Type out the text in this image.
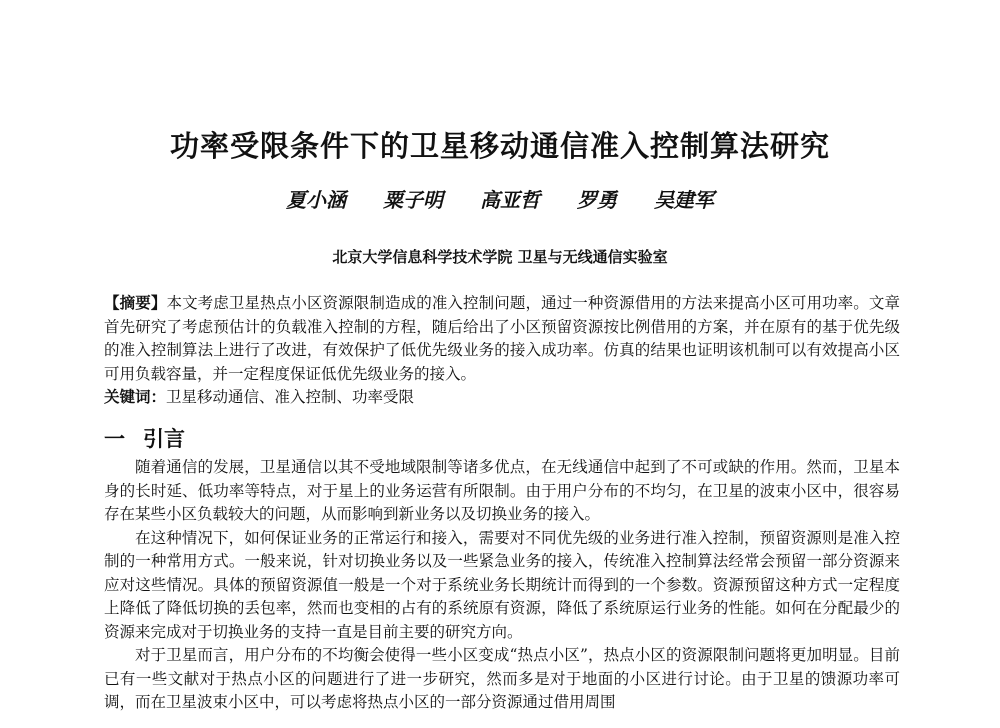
功率受限条件下的卫星移动通信准入控制算法研究
夏小涵 粟子明 高亚哲 罗勇 吴建军
北京大学信息科学技术学院 卫星与无线通信实验室
【摘要】本文考虑卫星热点小区资源限制造成的准入控制问题，通过一种资源借用的方法来提高小区可用功率。文章首先研究了考虑预估计的负载准入控制的方程，随后给出了小区预留资源按比例借用的方案，并在原有的基于优先级的准入控制算法上进行了改进，有效保护了低优先级业务的接入成功率。仿真的结果也证明该机制可以有效提高小区可用负载容量，并一定程度保证低优先级业务的接入。
关键词：卫星移动通信、准入控制、功率受限
一 引言

随着通信的发展，卫星通信以其不受地域限制等诸多优点，在无线通信中起到了不可或缺的作用。然而，卫星本身的长时延、低功率等特点，对于星上的业务运营有所限制。由于用户分布的不均匀，在卫星的波束小区中，很容易存在某些小区负载较大的问题，从而影响到新业务以及切换业务的接入。

在这种情况下，如何保证业务的正常运行和接入，需要对不同优先级的业务进行准入控制，预留资源则是准入控制的一种常用方式。一般来说，针对切换业务以及一些紧急业务的接入，传统准入控制算法经常会预留一部分资源来应对这些情况。具体的预留资源值一般是一个对于系统业务长期统计而得到的一个参数。资源预留这种方式一定程度上降低了降低切换的丢包率，然而也变相的占有的系统原有资源，降低了系统原运行业务的性能。如何在分配最少的资源来完成对于切换业务的支持一直是目前主要的研究方向。

对于卫星而言，用户分布的不均衡会使得一些小区变成“热点小区”，热点小区的资源限制问题将更加明显。目前已有一些文献对于热点小区的问题进行了进一步研究，然而多是对于地面的小区进行讨论。由于卫星的馈源功率可调，而在卫星波束小区中，可以考虑将热点小区的一部分资源通过借用周围
